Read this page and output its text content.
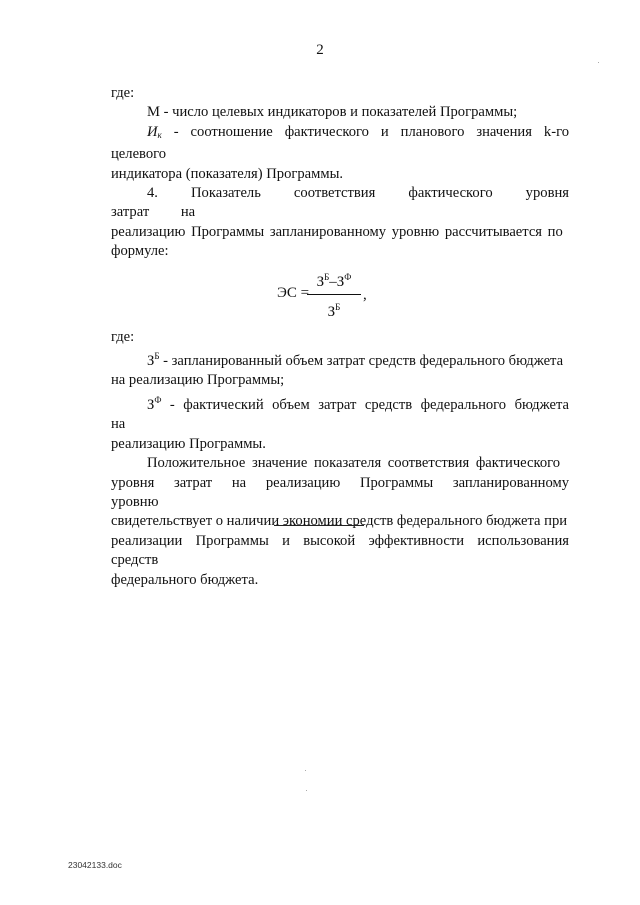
2

где:

М - число целевых индикаторов и показателей Программы;

Ик - соотношение фактического и планового значения k-го целевого

индикатора (показателя) Программы.

4. Показатель соответствия фактического уровня затрат на

реализацию Программы запланированному уровню рассчитывается по

формуле:

ЭС =
$З^Б-З^Ф$
$З^Б$
,

где:

$З^Б$ - запланированный объем затрат средств федерального бюджета

на реализацию Программы;

$З^Ф$ - фактический объем затрат средств федерального бюджета на

реализацию Программы.

Положительное значение показателя соответствия фактического

уровня затрат на реализацию Программы запланированному уровню

свидетельствует о наличии экономии средств федерального бюджета при

реализации Программы и высокой эффективности использования средств

федерального бюджета.

23042133.doc
